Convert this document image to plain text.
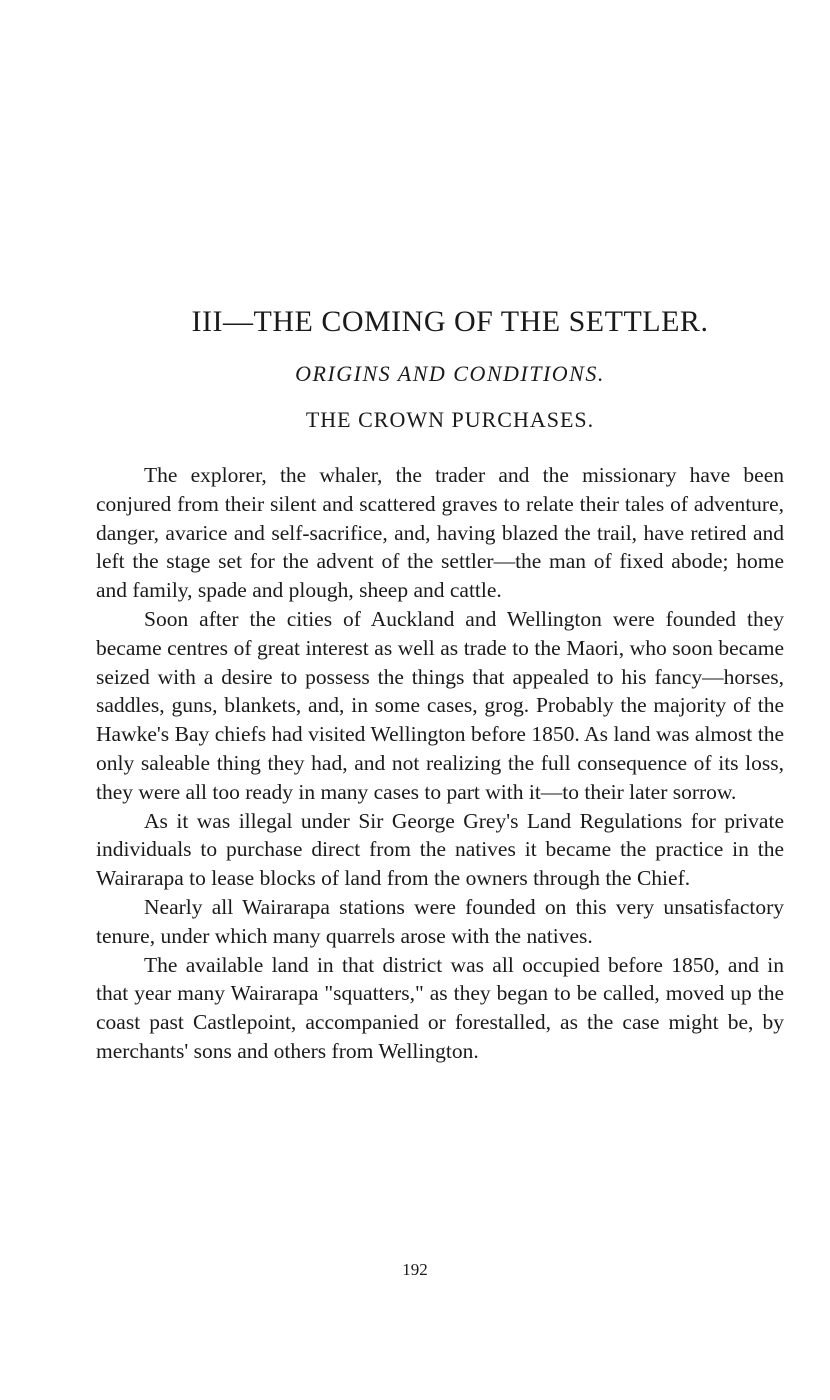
III—THE COMING OF THE SETTLER.
ORIGINS AND CONDITIONS.
THE CROWN PURCHASES.

The explorer, the whaler, the trader and the missionary have been conjured from their silent and scattered graves to relate their tales of adventure, danger, avarice and self-sacrifice, and, having blazed the trail, have retired and left the stage set for the advent of the settler—the man of fixed abode; home and family, spade and plough, sheep and cattle.

Soon after the cities of Auckland and Wellington were founded they became centres of great interest as well as trade to the Maori, who soon became seized with a desire to possess the things that appealed to his fancy—horses, saddles, guns, blankets, and, in some cases, grog. Probably the majority of the Hawke's Bay chiefs had visited Wellington before 1850. As land was almost the only saleable thing they had, and not realizing the full consequence of its loss, they were all too ready in many cases to part with it—to their later sorrow.

As it was illegal under Sir George Grey's Land Regulations for private individuals to purchase direct from the natives it became the practice in the Wairarapa to lease blocks of land from the owners through the Chief.

Nearly all Wairarapa stations were founded on this very unsatisfactory tenure, under which many quarrels arose with the natives.

The available land in that district was all occupied before 1850, and in that year many Wairarapa "squatters," as they began to be called, moved up the coast past Castlepoint, accompanied or forestalled, as the case might be, by merchants' sons and others from Wellington.

192
